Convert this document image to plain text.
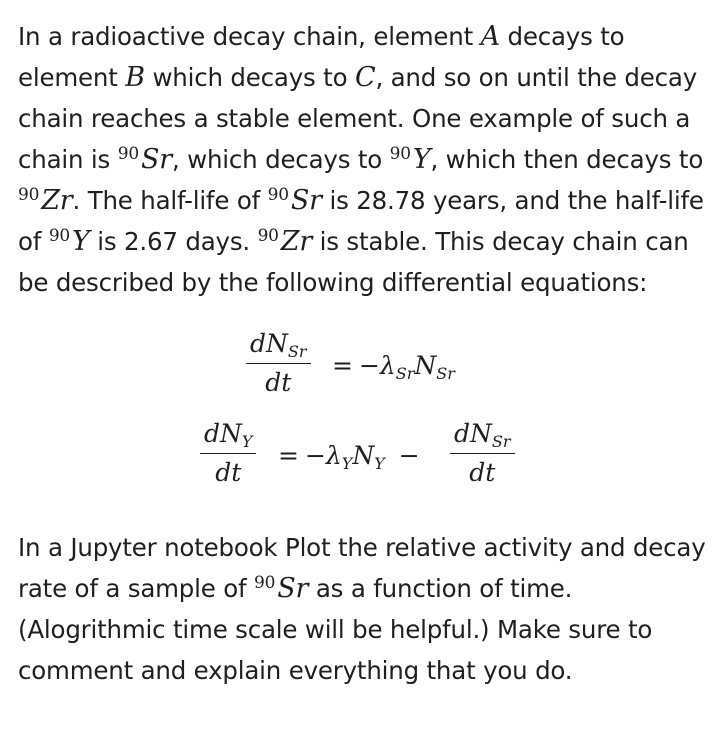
In a radioactive decay chain, element A decays to element B which decays to C, and so on until the decay chain reaches a stable element. One example of such a chain is $^{90}$Sr, which decays to $^{90}$Y, which then decays to $^{90}$Zr. The half-life of $^{90}$Sr is 28.78 years, and the half-life of $^{90}$Y is 2.67 days. $^{90}$Zr is stable. This decay chain can be described by the following differential equations:

$dN_{Sr}$
dt
= $-\lambda_{Sr}N_{Sr}$
$dN_Y$
dt
= $-\lambda_YN_Y$ −
$dN_{Sr}$
dt

In a Jupyter notebook Plot the relative activity and decay rate of a sample of $^{90}$Sr as a function of time. (Alogrithmic time scale will be helpful.) Make sure to comment and explain everything that you do.
